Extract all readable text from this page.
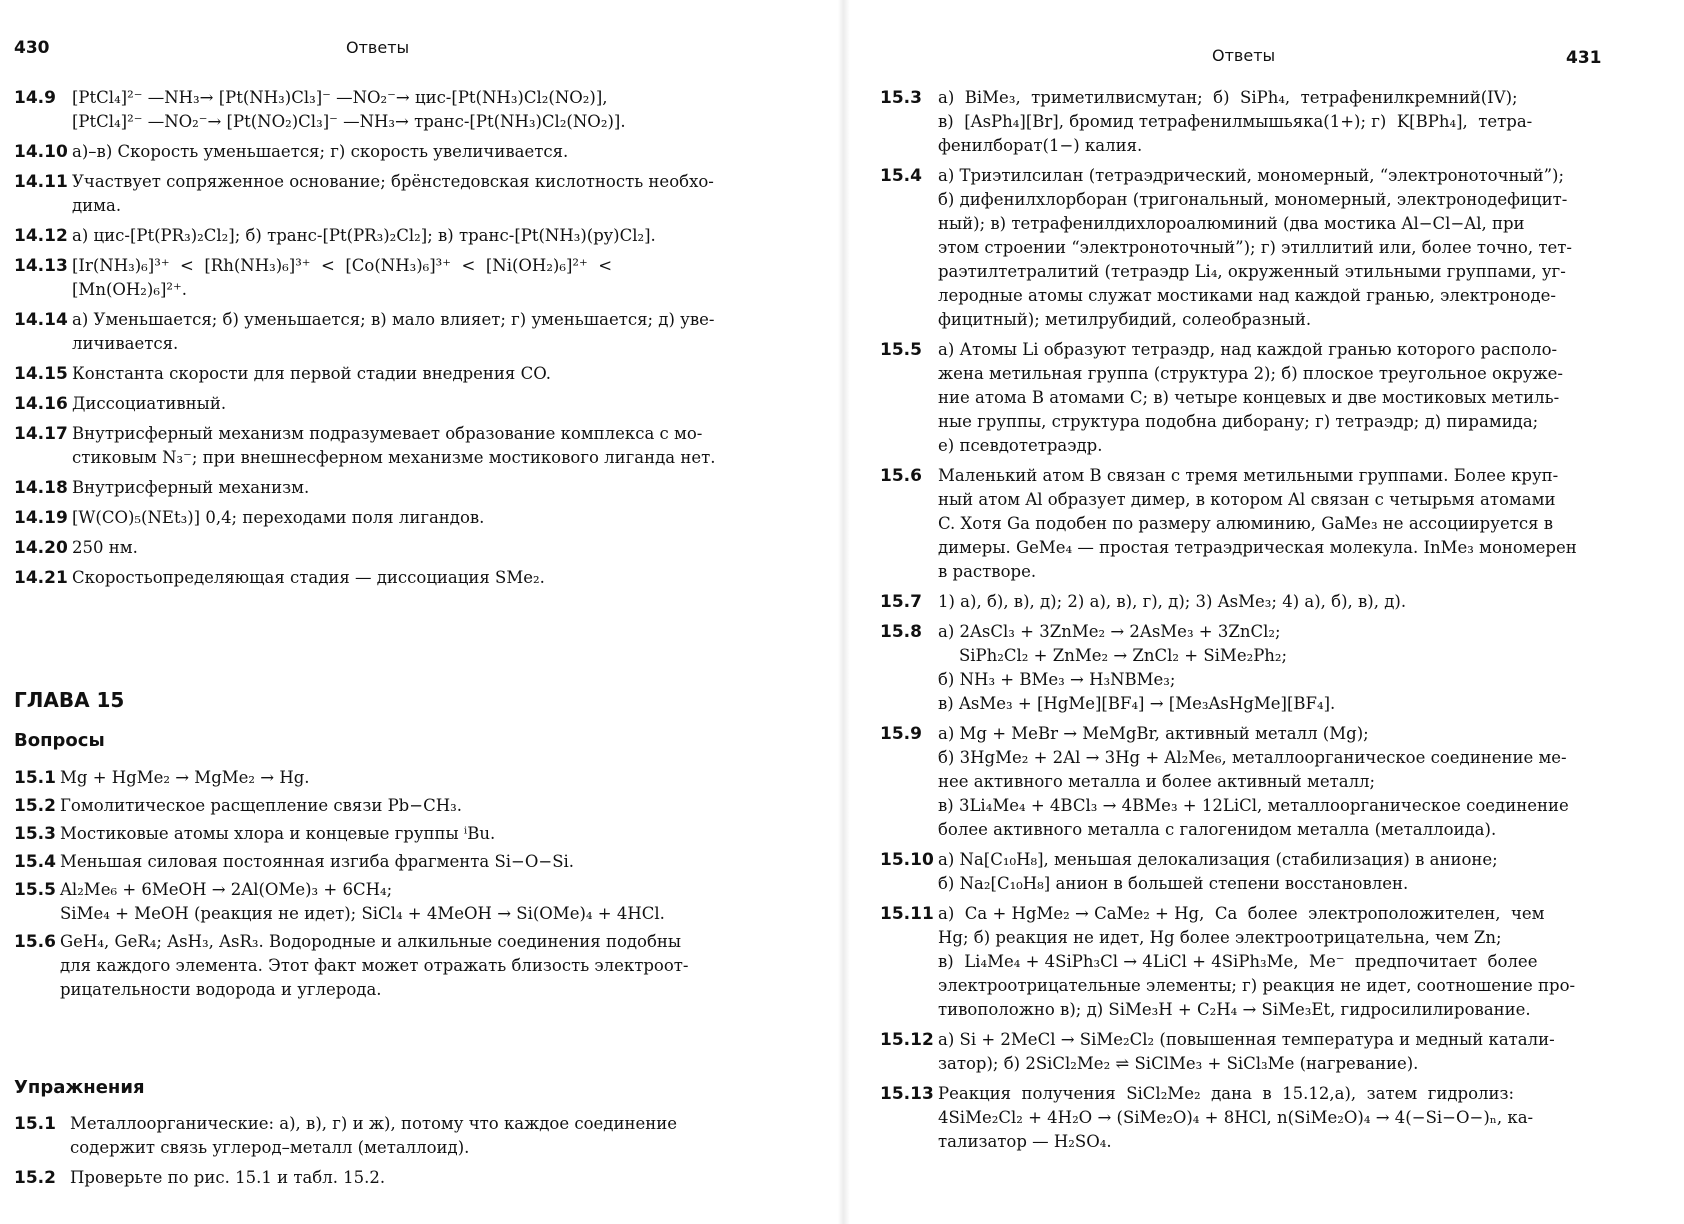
430	Ответы
14.9 [PtCl₄]²⁻ —NH₃→ [Pt(NH₃)Cl₃]⁻ —NO₂⁻→ цис-[Pt(NH₃)Cl₂(NO₂)],
[PtCl₄]²⁻ —NO₂⁻→ [Pt(NO₂)Cl₃]⁻ —NH₃→ транс-[Pt(NH₃)Cl₂(NO₂)].
14.10 а)–в) Скорость уменьшается; г) скорость увеличивается.
14.11 Участвует сопряженное основание; брёнстедовская кислотность необхо-
дима.
14.12 а) цис-[Pt(PR₃)₂Cl₂]; б) транс-[Pt(PR₃)₂Cl₂]; в) транс-[Pt(NH₃)(py)Cl₂].
14.13 [Ir(NH₃)₆]³⁺  <  [Rh(NH₃)₆]³⁺  <  [Co(NH₃)₆]³⁺  <  [Ni(OH₂)₆]²⁺  <
[Mn(OH₂)₆]²⁺.
14.14 а) Уменьшается; б) уменьшается; в) мало влияет; г) уменьшается; д) уве-
личивается.
14.15 Константа скорости для первой стадии внедрения CO.
14.16 Диссоциативный.
14.17 Внутрисферный механизм подразумевает образование комплекса с мо-
стиковым N₃⁻; при внешнесферном механизме мостикового лиганда нет.
14.18 Внутрисферный механизм.
14.19 [W(CO)₅(NEt₃)] 0,4; переходами поля лигандов.
14.20 250 нм.
14.21 Скоростьопределяющая стадия — диссоциация SMe₂.
ГЛАВА 15
Вопросы
15.1 Mg + HgMe₂ → MgMe₂ → Hg.
15.2 Гомолитическое расщепление связи Pb−CH₃.
15.3 Мостиковые атомы хлора и концевые группы ⁱBu.
15.4 Меньшая силовая постоянная изгиба фрагмента Si−O−Si.
15.5 Al₂Me₆ + 6MeOH → 2Al(OMe)₃ + 6CH₄;
SiMe₄ + MeOH (реакция не идет); SiCl₄ + 4MeOH → Si(OMe)₄ + 4HCl.
15.6 GeH₄, GeR₄; AsH₃, AsR₃. Водородные и алкильные соединения подобны
для каждого элемента. Этот факт может отражать близость электроот-
рицательности водорода и углерода.
Упражнения
15.1 Металлоорганические: а), в), г) и ж), потому что каждое соединение
содержит связь углерод–металл (металлоид).
15.2 Проверьте по рис. 15.1 и табл. 15.2.
Ответы	431
15.3 а)  BiMe₃,  триметилвисмутан;  б)  SiPh₄,  тетрафенилкремний(IV);
в)  [AsPh₄][Br], бромид тетрафенилмышьяка(1+); г)  K[BPh₄],  тетра-
фенилборат(1−) калия.
15.4 а) Триэтилсилан (тетраэдрический, мономерный, “электроноточный”);
б) дифенилхлорборан (тригональный, мономерный, электронодефицит-
ный); в) тетрафенилдихлороалюминий (два мостика Al−Cl−Al, при
этом строении “электроноточный”); г) этиллитий или, более точно, тет-
раэтилтетралитий (тетраэдр Li₄, окруженный этильными группами, уг-
леродные атомы служат мостиками над каждой гранью, электроноде-
фицитный); метилрубидий, солеобразный.
15.5 а) Атомы Li образуют тетраэдр, над каждой гранью которого располо-
жена метильная группа (структура 2); б) плоское треугольное окруже-
ние атома B атомами C; в) четыре концевых и две мостиковых метиль-
ные группы, структура подобна диборану; г) тетраэдр; д) пирамида;
е) псевдотетраэдр.
15.6 Маленький атом B связан с тремя метильными группами. Более круп-
ный атом Al образует димер, в котором Al связан с четырьмя атомами
C. Хотя Ga подобен по размеру алюминию, GaMe₃ не ассоциируется в
димеры. GeMe₄ — простая тетраэдрическая молекула. InMe₃ мономерен
в растворе.
15.7 1) а), б), в), д); 2) а), в), г), д); 3) AsMe₃; 4) а), б), в), д).
15.8 а) 2AsCl₃ + 3ZnMe₂ → 2AsMe₃ + 3ZnCl₂;
SiPh₂Cl₂ + ZnMe₂ → ZnCl₂ + SiMe₂Ph₂;
б) NH₃ + BMe₃ → H₃NBMe₃;
в) AsMe₃ + [HgMe][BF₄] → [Me₃AsHgMe][BF₄].
15.9 а) Mg + MeBr → MeMgBr, активный металл (Mg);
б) 3HgMe₂ + 2Al → 3Hg + Al₂Me₆, металлоорганическое соединение ме-
нее активного металла и более активный металл;
в) 3Li₄Me₄ + 4BCl₃ → 4BMe₃ + 12LiCl, металлоорганическое соединение
более активного металла с галогенидом металла (металлоида).
15.10 а) Na[C₁₀H₈], меньшая делокализация (стабилизация) в анионе;
б) Na₂[C₁₀H₈] анион в большей степени восстановлен.
15.11 а)  Ca + HgMe₂ → CaMe₂ + Hg,  Ca  более  электроположителен,  чем
Hg; б) реакция не идет, Hg более электроотрицательна, чем Zn;
в)  Li₄Me₄ + 4SiPh₃Cl → 4LiCl + 4SiPh₃Me,  Me⁻  предпочитает  более
электроотрицательные элементы; г) реакция не идет, соотношение про-
тивоположно в); д) SiMe₃H + C₂H₄ → SiMe₃Et, гидросилилирование.
15.12 а) Si + 2MeCl → SiMe₂Cl₂ (повышенная температура и медный катали-
затор); б) 2SiCl₂Me₂ ⇌ SiClMe₃ + SiCl₃Me (нагревание).
15.13 Реакция  получения  SiCl₂Me₂  дана  в  15.12,а),  затем  гидролиз:
4SiMe₂Cl₂ + 4H₂O → (SiMe₂O)₄ + 8HCl, n(SiMe₂O)₄ → 4(−Si−O−)ₙ, ка-
тализатор — H₂SO₄.
